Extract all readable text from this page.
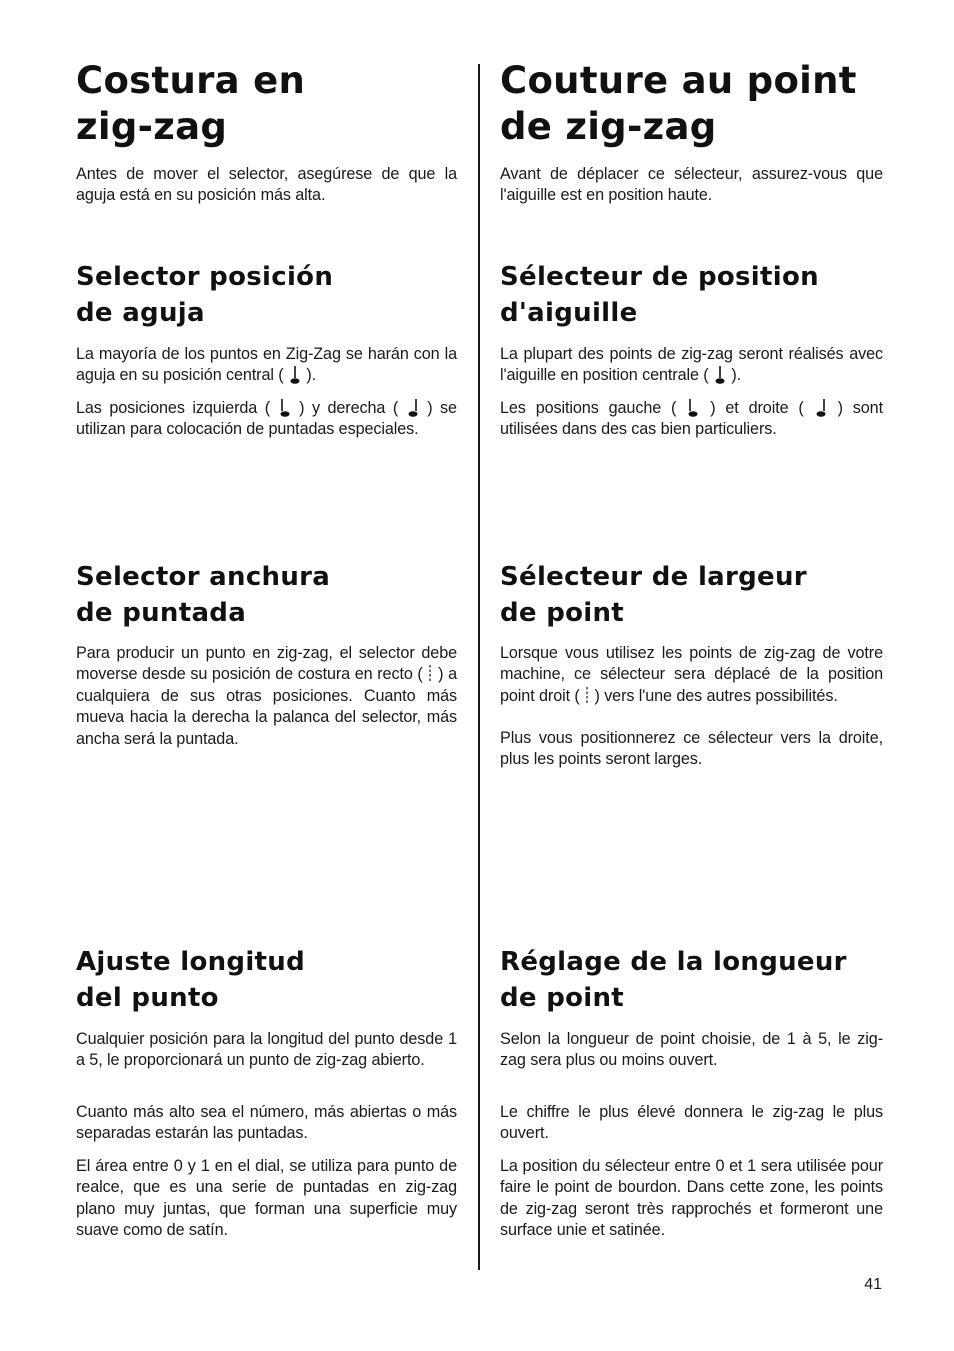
Costura en
zig-zag

Antes de mover el selector, asegúrese de que la aguja está en su posición más alta.

Selector posición
de aguja

La mayoría de los puntos en Zig-Zag se harán con la aguja en su posición central ( ).

Las posiciones izquierda ( ) y derecha ( ) se utilizan para colocación de puntadas especiales.

Selector anchura
de puntada

Para producir un punto en zig-zag, el selector debe moverse desde su posición de costura en recto ( ) a cualquiera de sus otras posiciones. Cuanto más mueva hacia la derecha la palanca del selector, más ancha será la puntada.

Ajuste longitud
del punto

Cualquier posición para la longitud del punto desde 1 a 5, le proporcionará un punto de zig-zag abierto.

Cuanto más alto sea el número, más abiertas o más separadas estarán las puntadas.

El área entre 0 y 1 en el dial, se utiliza para punto de realce, que es una serie de puntadas en zig-zag plano muy juntas, que forman una superficie muy suave como de satín.

Couture au point
de zig-zag

Avant de déplacer ce sélecteur, assurez-vous que l'aiguille est en position haute.

Sélecteur de position
d'aiguille

La plupart des points de zig-zag seront réalisés avec l'aiguille en position centrale ( ).

Les positions gauche ( ) et droite ( ) sont utilisées dans des cas bien particuliers.

Sélecteur de largeur
de point

Lorsque vous utilisez les points de zig-zag de votre machine, ce sélecteur sera déplacé de la position point droit ( ) vers l'une des autres possibilités.

Plus vous positionnerez ce sélecteur vers la droite, plus les points seront larges.

Réglage de la longueur
de point

Selon la longueur de point choisie, de 1 à 5, le zig-zag sera plus ou moins ouvert.

Le chiffre le plus élevé donnera le zig-zag le plus ouvert.

La position du sélecteur entre 0 et 1 sera utilisée pour faire le point de bourdon. Dans cette zone, les points de zig-zag seront très rapprochés et formeront une surface unie et satinée.

41
